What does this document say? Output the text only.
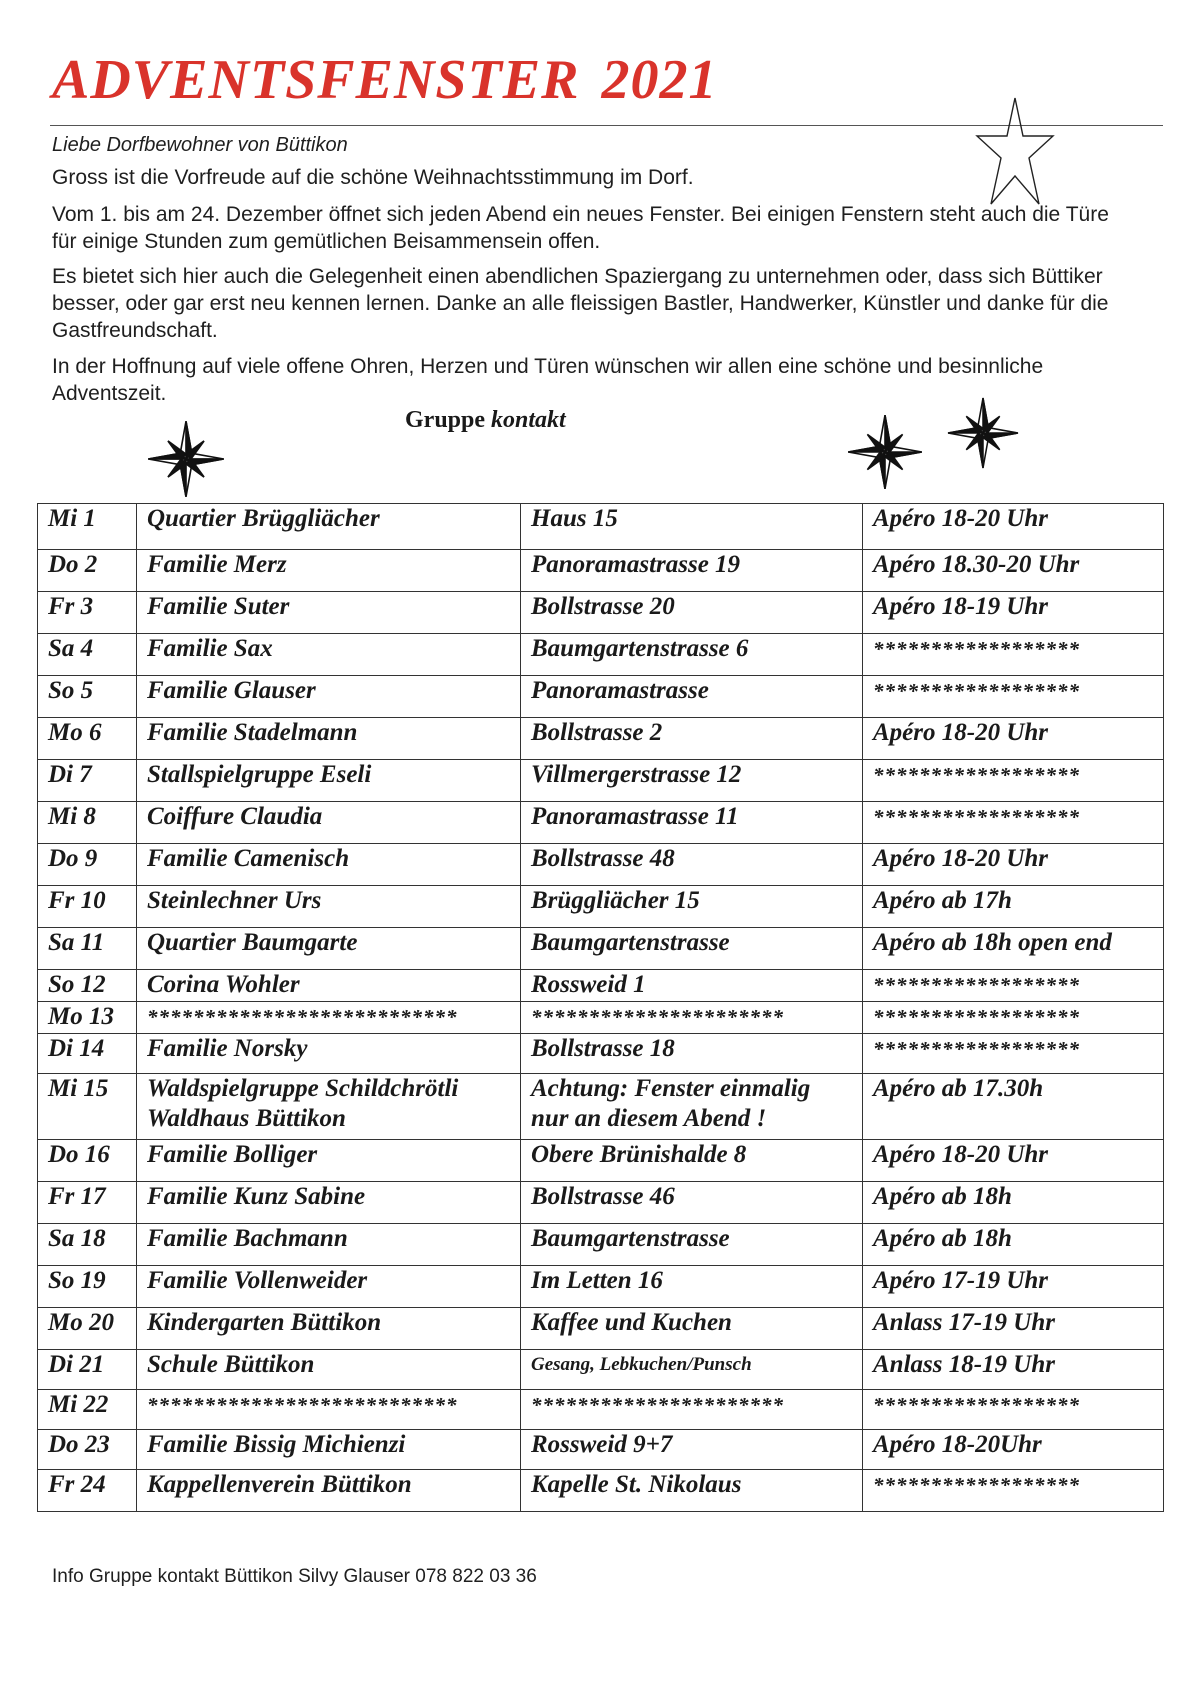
ADVENTSFENSTER 2021

Liebe Dorfbewohner von Büttikon

Gross ist die Vorfreude auf die schöne Weihnachtsstimmung im Dorf.

Vom 1. bis am 24. Dezember öffnet sich jeden Abend ein neues Fenster. Bei einigen Fenstern steht auch die Türe für einige Stunden zum gemütlichen Beisammensein offen.

Es bietet sich hier auch die Gelegenheit einen abendlichen Spaziergang zu unternehmen oder, dass sich Büttiker besser, oder gar erst neu kennen lernen. Danke an alle fleissigen Bastler, Handwerker, Künstler und danke für die Gastfreundschaft.

In der Hoffnung auf viele offene Ohren, Herzen und Türen wünschen wir allen eine schöne und besinnliche Adventszeit.

Gruppe kontakt
Mi 1	Quartier Brüggliächer	Haus 15	Apéro 18-20 Uhr
Do 2	Familie Merz	Panoramastrasse 19	Apéro 18.30-20 Uhr
Fr 3	Familie Suter	Bollstrasse 20	Apéro 18-19 Uhr
Sa 4	Familie Sax	Baumgartenstrasse 6	******************
So 5	Familie Glauser	Panoramastrasse	******************
Mo 6	Familie Stadelmann	Bollstrasse 2	Apéro 18-20 Uhr
Di 7	Stallspielgruppe Eseli	Villmergerstrasse 12	******************
Mi 8	Coiffure Claudia	Panoramastrasse 11	******************
Do 9	Familie Camenisch	Bollstrasse 48	Apéro 18-20 Uhr
Fr 10	Steinlechner Urs	Brüggliächer 15	Apéro ab 17h
Sa 11	Quartier Baumgarte	Baumgartenstrasse	Apéro ab 18h open end
So 12	Corina Wohler	Rossweid 1	******************
Mo 13	***************************	**********************	******************
Di 14	Familie Norsky	Bollstrasse 18	******************
Mi 15	Waldspielgruppe Schildchrötli Waldhaus Büttikon	Achtung: Fenster einmalig nur an diesem Abend !	Apéro ab 17.30h
Do 16	Familie Bolliger	Obere Brünishalde 8	Apéro 18-20 Uhr
Fr 17	Familie Kunz Sabine	Bollstrasse 46	Apéro ab 18h
Sa 18	Familie Bachmann	Baumgartenstrasse	Apéro ab 18h
So 19	Familie Vollenweider	Im Letten 16	Apéro 17-19 Uhr
Mo 20	Kindergarten Büttikon	Kaffee und Kuchen	Anlass 17-19 Uhr
Di 21	Schule Büttikon	Gesang, Lebkuchen/Punsch	Anlass 18-19 Uhr
Mi 22	***************************	**********************	******************
Do 23	Familie Bissig Michienzi	Rossweid 9+7	Apéro 18-20Uhr
Fr 24	Kappellenverein Büttikon	Kapelle St. Nikolaus	******************
Info Gruppe kontakt Büttikon Silvy Glauser 078 822 03 36
